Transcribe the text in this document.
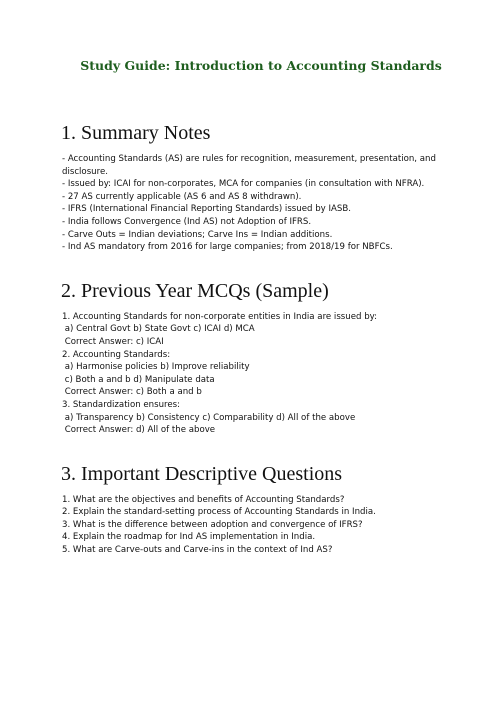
Study Guide: Introduction to Accounting Standards
1. Summary Notes
- Accounting Standards (AS) are rules for recognition, measurement, presentation, and disclosure.
- Issued by: ICAI for non-corporates, MCA for companies (in consultation with NFRA).
- 27 AS currently applicable (AS 6 and AS 8 withdrawn).
- IFRS (International Financial Reporting Standards) issued by IASB.
- India follows Convergence (Ind AS) not Adoption of IFRS.
- Carve Outs = Indian deviations; Carve Ins = Indian additions.
- Ind AS mandatory from 2016 for large companies; from 2018/19 for NBFCs.
2. Previous Year MCQs (Sample)
1. Accounting Standards for non-corporate entities in India are issued by:
a) Central Govt b) State Govt c) ICAI d) MCA
Correct Answer: c) ICAI
2. Accounting Standards:
a) Harmonise policies b) Improve reliability
c) Both a and b d) Manipulate data
Correct Answer: c) Both a and b
3. Standardization ensures:
a) Transparency b) Consistency c) Comparability d) All of the above
Correct Answer: d) All of the above
3. Important Descriptive Questions
1. What are the objectives and benefits of Accounting Standards?
2. Explain the standard-setting process of Accounting Standards in India.
3. What is the difference between adoption and convergence of IFRS?
4. Explain the roadmap for Ind AS implementation in India.
5. What are Carve-outs and Carve-ins in the context of Ind AS?
